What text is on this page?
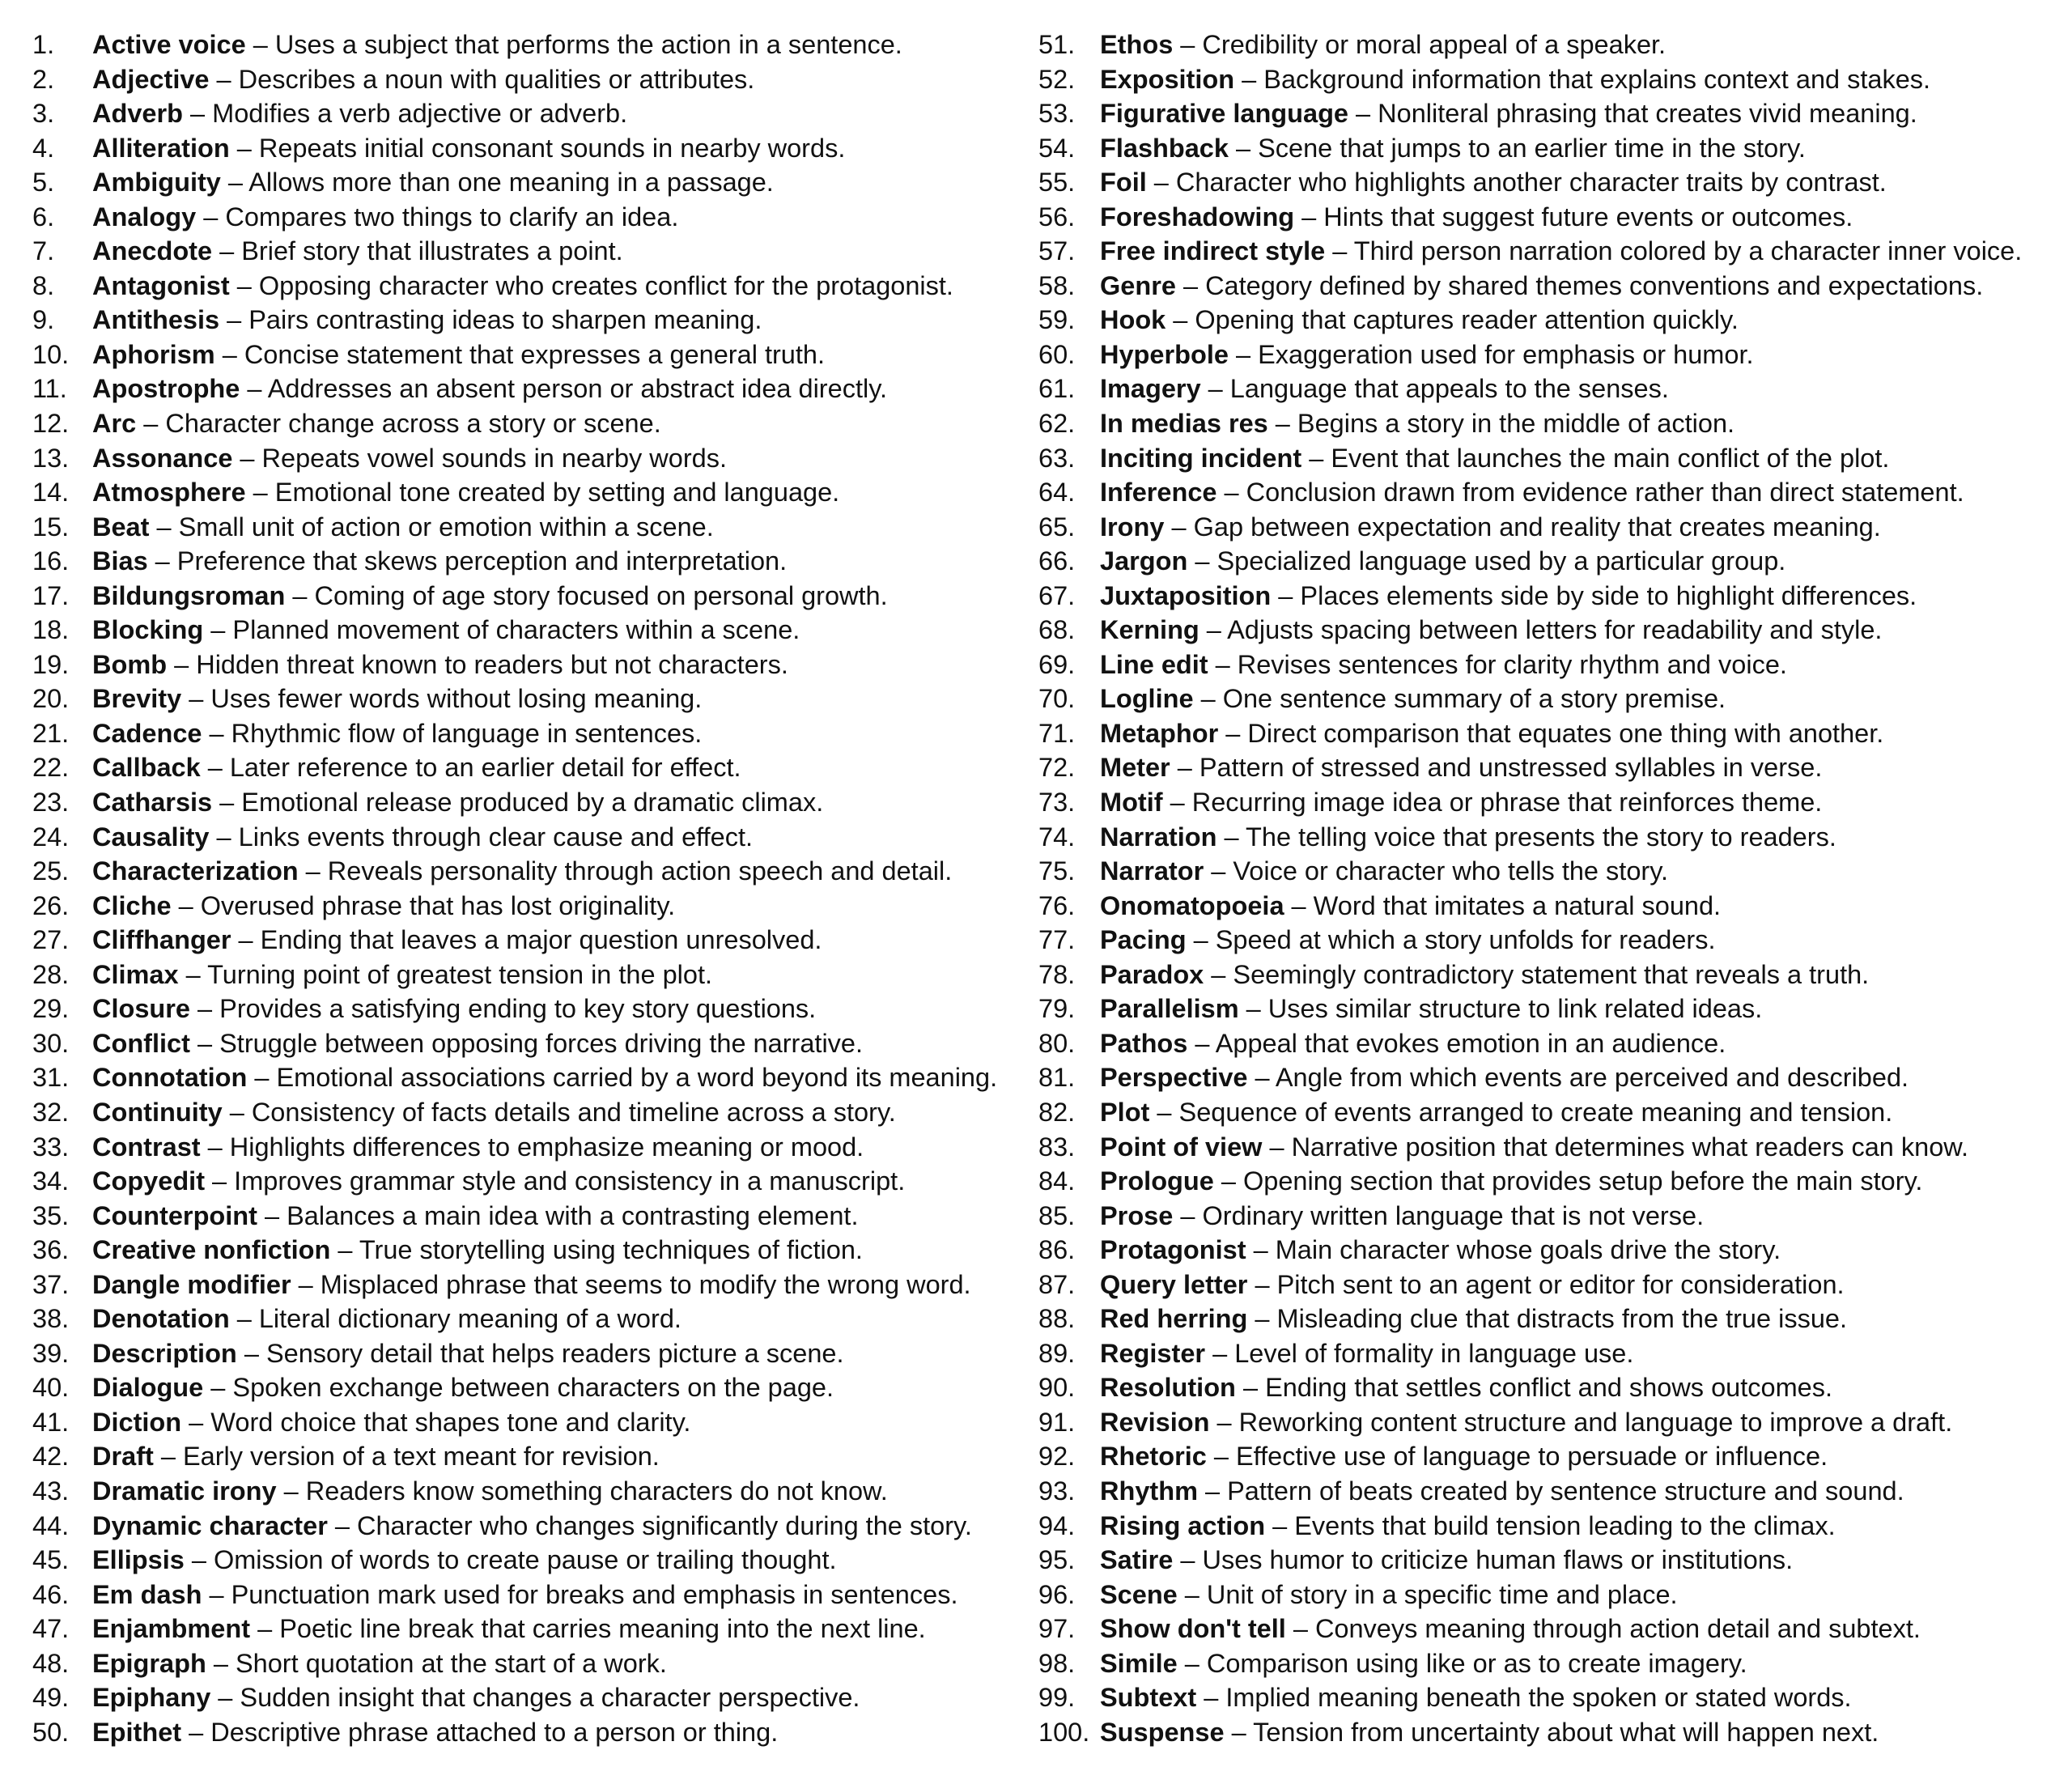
1. Active voice – Uses a subject that performs the action in a sentence.
2. Adjective – Describes a noun with qualities or attributes.
3. Adverb – Modifies a verb adjective or adverb.
4. Alliteration – Repeats initial consonant sounds in nearby words.
5. Ambiguity – Allows more than one meaning in a passage.
6. Analogy – Compares two things to clarify an idea.
7. Anecdote – Brief story that illustrates a point.
8. Antagonist – Opposing character who creates conflict for the protagonist.
9. Antithesis – Pairs contrasting ideas to sharpen meaning.
10. Aphorism – Concise statement that expresses a general truth.
11. Apostrophe – Addresses an absent person or abstract idea directly.
12. Arc – Character change across a story or scene.
13. Assonance – Repeats vowel sounds in nearby words.
14. Atmosphere – Emotional tone created by setting and language.
15. Beat – Small unit of action or emotion within a scene.
16. Bias – Preference that skews perception and interpretation.
17. Bildungsroman – Coming of age story focused on personal growth.
18. Blocking – Planned movement of characters within a scene.
19. Bomb – Hidden threat known to readers but not characters.
20. Brevity – Uses fewer words without losing meaning.
21. Cadence – Rhythmic flow of language in sentences.
22. Callback – Later reference to an earlier detail for effect.
23. Catharsis – Emotional release produced by a dramatic climax.
24. Causality – Links events through clear cause and effect.
25. Characterization – Reveals personality through action speech and detail.
26. Cliche – Overused phrase that has lost originality.
27. Cliffhanger – Ending that leaves a major question unresolved.
28. Climax – Turning point of greatest tension in the plot.
29. Closure – Provides a satisfying ending to key story questions.
30. Conflict – Struggle between opposing forces driving the narrative.
31. Connotation – Emotional associations carried by a word beyond its meaning.
32. Continuity – Consistency of facts details and timeline across a story.
33. Contrast – Highlights differences to emphasize meaning or mood.
34. Copyedit – Improves grammar style and consistency in a manuscript.
35. Counterpoint – Balances a main idea with a contrasting element.
36. Creative nonfiction – True storytelling using techniques of fiction.
37. Dangle modifier – Misplaced phrase that seems to modify the wrong word.
38. Denotation – Literal dictionary meaning of a word.
39. Description – Sensory detail that helps readers picture a scene.
40. Dialogue – Spoken exchange between characters on the page.
41. Diction – Word choice that shapes tone and clarity.
42. Draft – Early version of a text meant for revision.
43. Dramatic irony – Readers know something characters do not know.
44. Dynamic character – Character who changes significantly during the story.
45. Ellipsis – Omission of words to create pause or trailing thought.
46. Em dash – Punctuation mark used for breaks and emphasis in sentences.
47. Enjambment – Poetic line break that carries meaning into the next line.
48. Epigraph – Short quotation at the start of a work.
49. Epiphany – Sudden insight that changes a character perspective.
50. Epithet – Descriptive phrase attached to a person or thing.
51. Ethos – Credibility or moral appeal of a speaker.
52. Exposition – Background information that explains context and stakes.
53. Figurative language – Nonliteral phrasing that creates vivid meaning.
54. Flashback – Scene that jumps to an earlier time in the story.
55. Foil – Character who highlights another character traits by contrast.
56. Foreshadowing – Hints that suggest future events or outcomes.
57. Free indirect style – Third person narration colored by a character inner voice.
58. Genre – Category defined by shared themes conventions and expectations.
59. Hook – Opening that captures reader attention quickly.
60. Hyperbole – Exaggeration used for emphasis or humor.
61. Imagery – Language that appeals to the senses.
62. In medias res – Begins a story in the middle of action.
63. Inciting incident – Event that launches the main conflict of the plot.
64. Inference – Conclusion drawn from evidence rather than direct statement.
65. Irony – Gap between expectation and reality that creates meaning.
66. Jargon – Specialized language used by a particular group.
67. Juxtaposition – Places elements side by side to highlight differences.
68. Kerning – Adjusts spacing between letters for readability and style.
69. Line edit – Revises sentences for clarity rhythm and voice.
70. Logline – One sentence summary of a story premise.
71. Metaphor – Direct comparison that equates one thing with another.
72. Meter – Pattern of stressed and unstressed syllables in verse.
73. Motif – Recurring image idea or phrase that reinforces theme.
74. Narration – The telling voice that presents the story to readers.
75. Narrator – Voice or character who tells the story.
76. Onomatopoeia – Word that imitates a natural sound.
77. Pacing – Speed at which a story unfolds for readers.
78. Paradox – Seemingly contradictory statement that reveals a truth.
79. Parallelism – Uses similar structure to link related ideas.
80. Pathos – Appeal that evokes emotion in an audience.
81. Perspective – Angle from which events are perceived and described.
82. Plot – Sequence of events arranged to create meaning and tension.
83. Point of view – Narrative position that determines what readers can know.
84. Prologue – Opening section that provides setup before the main story.
85. Prose – Ordinary written language that is not verse.
86. Protagonist – Main character whose goals drive the story.
87. Query letter – Pitch sent to an agent or editor for consideration.
88. Red herring – Misleading clue that distracts from the true issue.
89. Register – Level of formality in language use.
90. Resolution – Ending that settles conflict and shows outcomes.
91. Revision – Reworking content structure and language to improve a draft.
92. Rhetoric – Effective use of language to persuade or influence.
93. Rhythm – Pattern of beats created by sentence structure and sound.
94. Rising action – Events that build tension leading to the climax.
95. Satire – Uses humor to criticize human flaws or institutions.
96. Scene – Unit of story in a specific time and place.
97. Show don't tell – Conveys meaning through action detail and subtext.
98. Simile – Comparison using like or as to create imagery.
99. Subtext – Implied meaning beneath the spoken or stated words.
100. Suspense – Tension from uncertainty about what will happen next.
